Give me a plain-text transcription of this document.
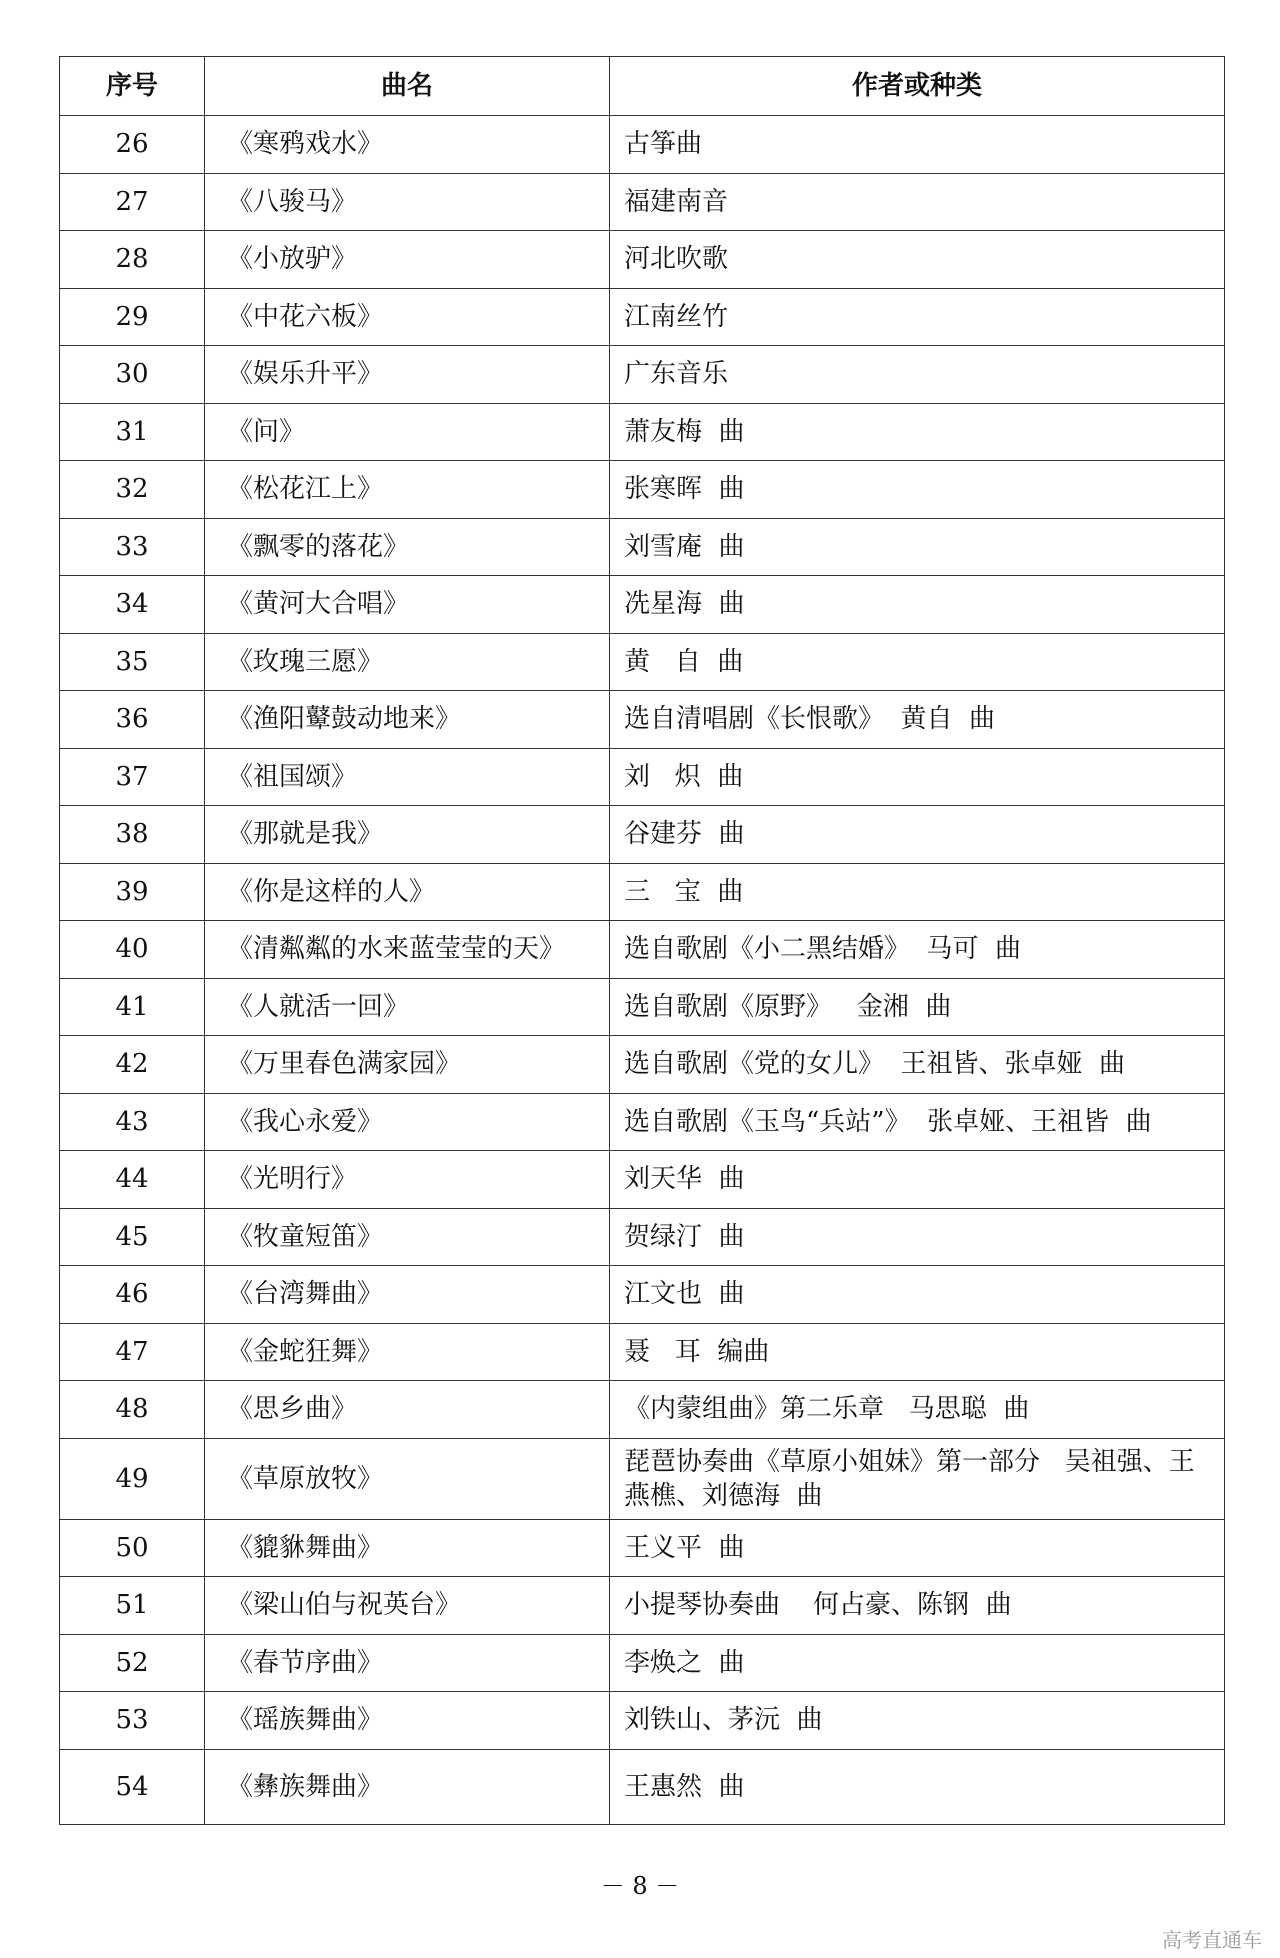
序号	曲名	作者或种类
26	《寒鸦戏水》	古筝曲
27	《八骏马》	福建南音
28	《小放驴》	河北吹歌
29	《中花六板》	江南丝竹
30	《娱乐升平》	广东音乐
31	《问》	萧友梅  曲
32	《松花江上》	张寒晖  曲
33	《飘零的落花》	刘雪庵  曲
34	《黄河大合唱》	冼星海  曲
35	《玫瑰三愿》	黄   自  曲
36	《渔阳鼙鼓动地来》	选自清唱剧《长恨歌》  黄自  曲
37	《祖国颂》	刘   炽  曲
38	《那就是我》	谷建芬  曲
39	《你是这样的人》	三   宝  曲
40	《清粼粼的水来蓝莹莹的天》	选自歌剧《小二黑结婚》  马可  曲
41	《人就活一回》	选自歌剧《原野》   金湘  曲
42	《万里春色满家园》	选自歌剧《党的女儿》  王祖皆、张卓娅  曲
43	《我心永爱》	选自歌剧《玉鸟“兵站”》  张卓娅、王祖皆  曲
44	《光明行》	刘天华  曲
45	《牧童短笛》	贺绿汀  曲
46	《台湾舞曲》	江文也  曲
47	《金蛇狂舞》	聂   耳  编曲
48	《思乡曲》	《内蒙组曲》第二乐章   马思聪  曲
49	《草原放牧》	琵琶协奏曲《草原小姐妹》第一部分   吴祖强、王燕樵、刘德海  曲
50	《貔貅舞曲》	王义平  曲
51	《梁山伯与祝英台》	小提琴协奏曲    何占豪、陈钢  曲
52	《春节序曲》	李焕之  曲
53	《瑶族舞曲》	刘铁山、茅沅  曲
54	《彝族舞曲》	王惠然  曲
－ 8 －
高考直通车
